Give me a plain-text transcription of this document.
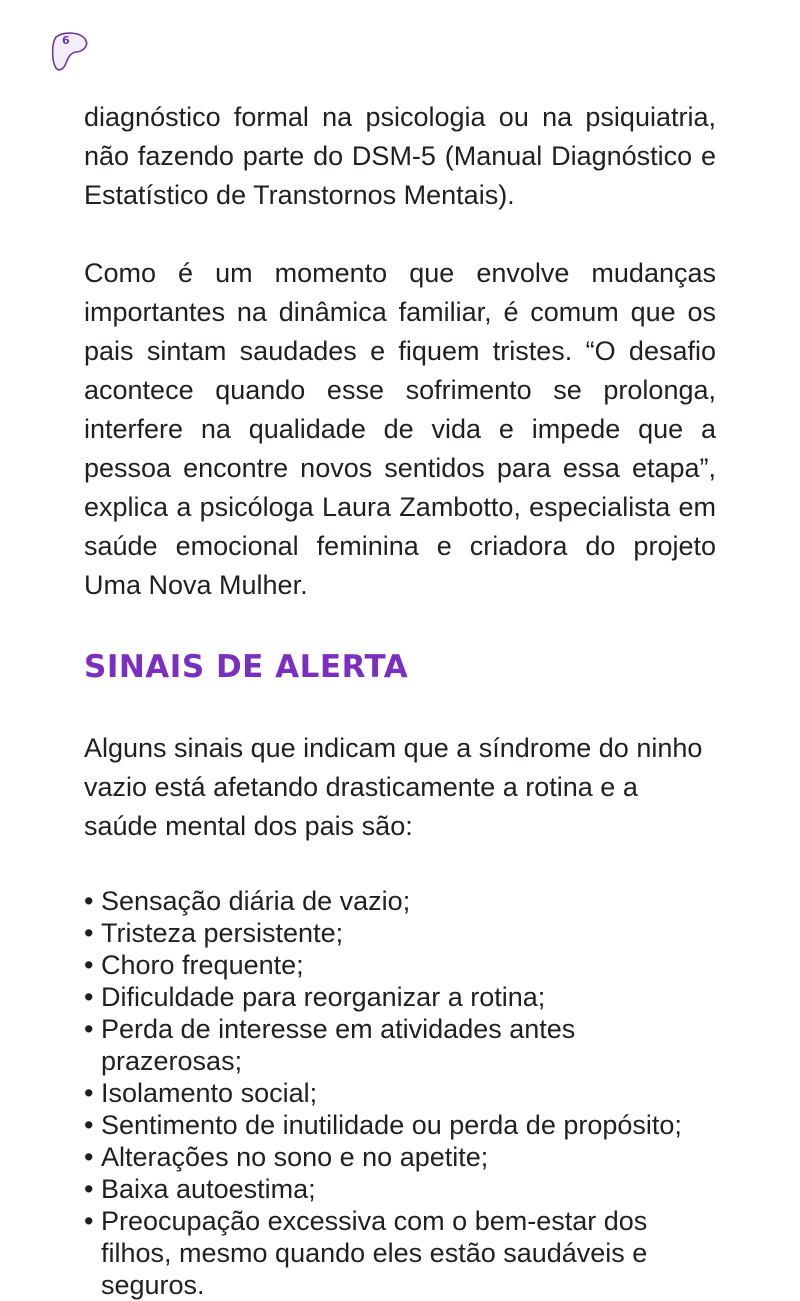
6

diagnóstico formal na psicologia ou na psiquiatria, não fazendo parte do DSM-5 (Manual Diagnóstico e Estatístico de Transtornos Mentais).

Como é um momento que envolve mudanças importantes na dinâmica familiar, é comum que os pais sintam saudades e fiquem tristes. “O desafio acontece quando esse sofrimento se prolonga, interfere na qualidade de vida e impede que a pessoa encontre novos sentidos para essa etapa”, explica a psicóloga Laura Zambotto, especialista em saúde emocional feminina e criadora do projeto Uma Nova Mulher.

SINAIS DE ALERTA

Alguns sinais que indicam que a síndrome do ninho vazio está afetando drasticamente a rotina e a saúde mental dos pais são:

• Sensação diária de vazio;
• Tristeza persistente;
• Choro frequente;
• Dificuldade para reorganizar a rotina;
• Perda de interesse em atividades antes prazerosas;
• Isolamento social;
• Sentimento de inutilidade ou perda de propósito;
• Alterações no sono e no apetite;
• Baixa autoestima;
• Preocupação excessiva com o bem-estar dos filhos, mesmo quando eles estão saudáveis e seguros.
